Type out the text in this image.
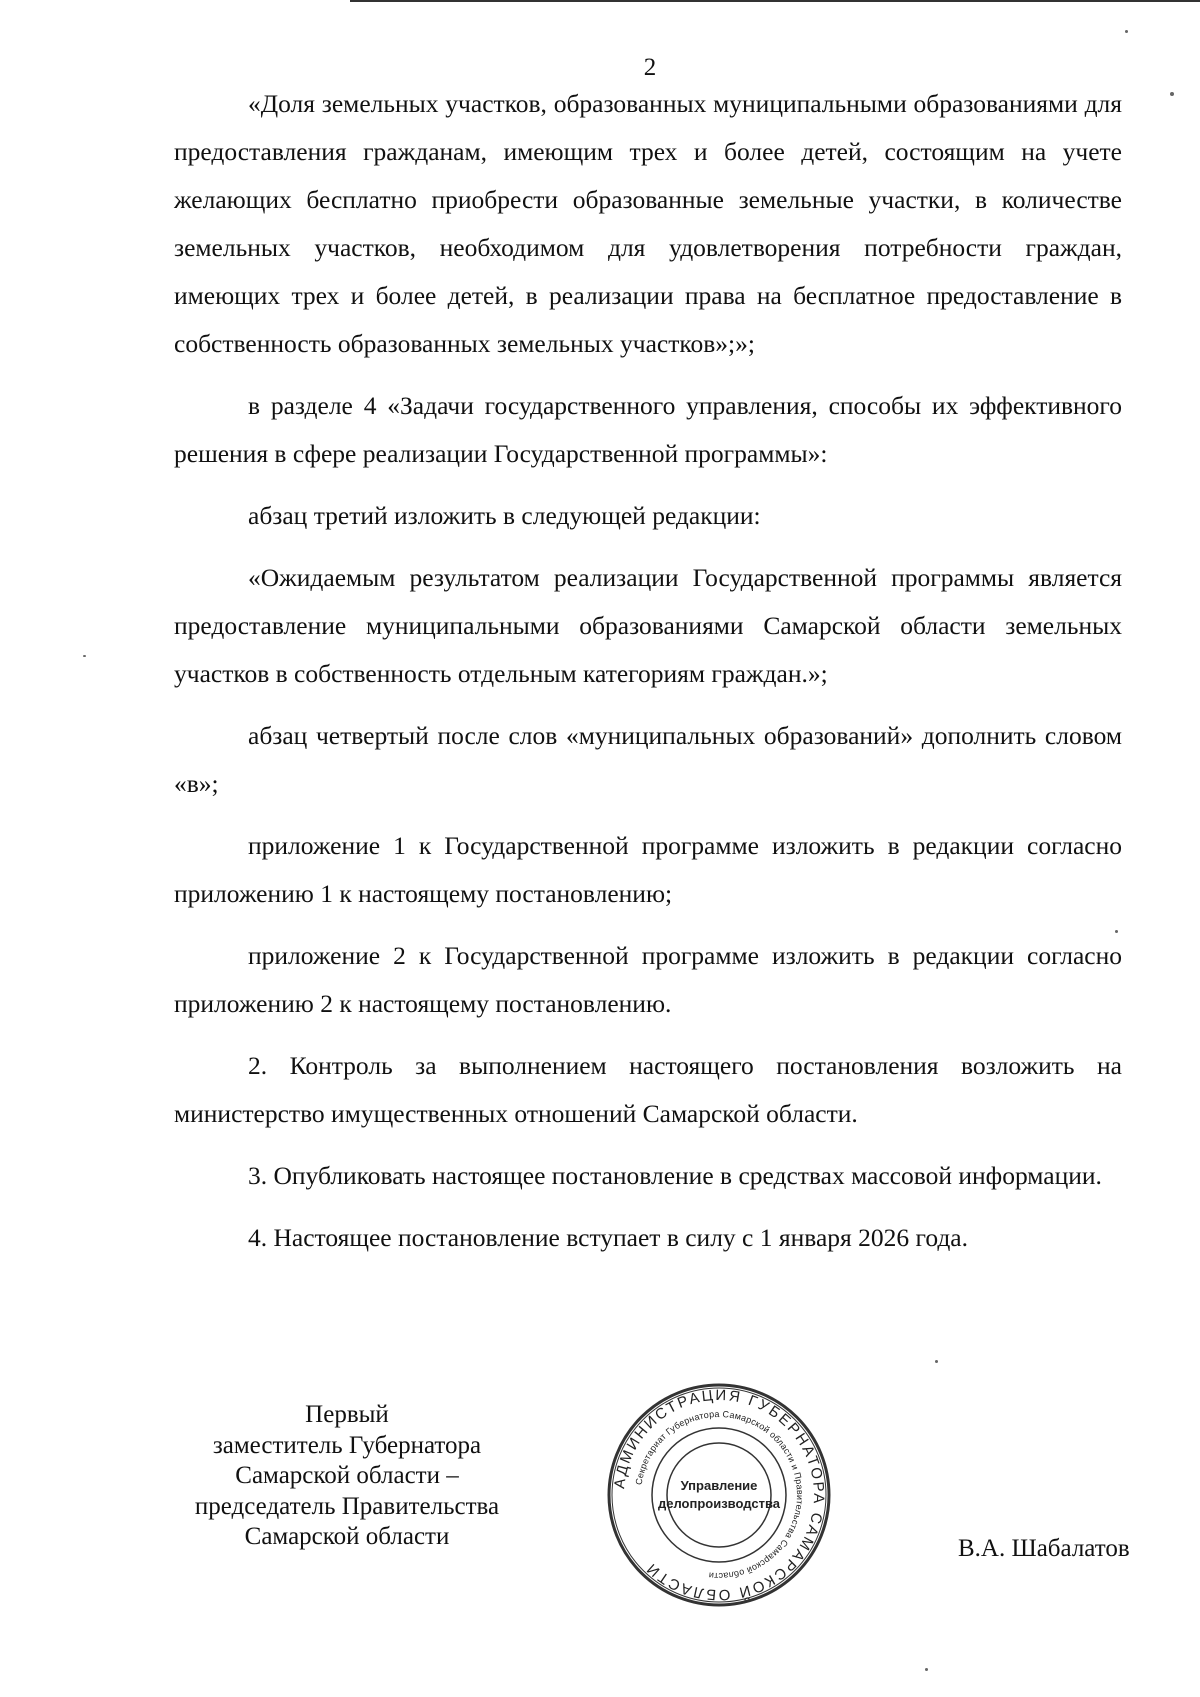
2

«Доля земельных участков, образованных муниципальными образованиями для предоставления гражданам, имеющим трех и более детей, состоящим на учете желающих бесплатно приобрести образованные земельные участки, в количестве земельных участков, необходимом для удовлетворения потребности граждан, имеющих трех и более детей, в реализации права на бесплатное предоставление в собственность образованных земельных участков»;»;

в разделе 4 «Задачи государственного управления, способы их эффективного решения в сфере реализации Государственной программы»:

абзац третий изложить в следующей редакции:

«Ожидаемым результатом реализации Государственной программы является предоставление муниципальными образованиями Самарской области земельных участков в собственность отдельным категориям граждан.»;

абзац четвертый после слов «муниципальных образований» дополнить словом «в»;

приложение 1 к Государственной программе изложить в редакции согласно приложению 1 к настоящему постановлению;

приложение 2 к Государственной программе изложить в редакции согласно приложению 2 к настоящему постановлению.

2. Контроль за выполнением настоящего постановления возложить на министерство имущественных отношений Самарской области.

3. Опубликовать настоящее постановление в средствах массовой информации.

4. Настоящее постановление вступает в силу с 1 января 2026 года.

Первый
заместитель Губернатора
Самарской области –
председатель Правительства
Самарской области
АДМИНИСТРАЦИЯ ГУБЕРНАТОРА САМАРСКОЙ ОБЛАСТИ
Секретариат Губернатора Самарской области и Правительства Самарской области
Управление
делопроизводства
В.А. Шабалатов
